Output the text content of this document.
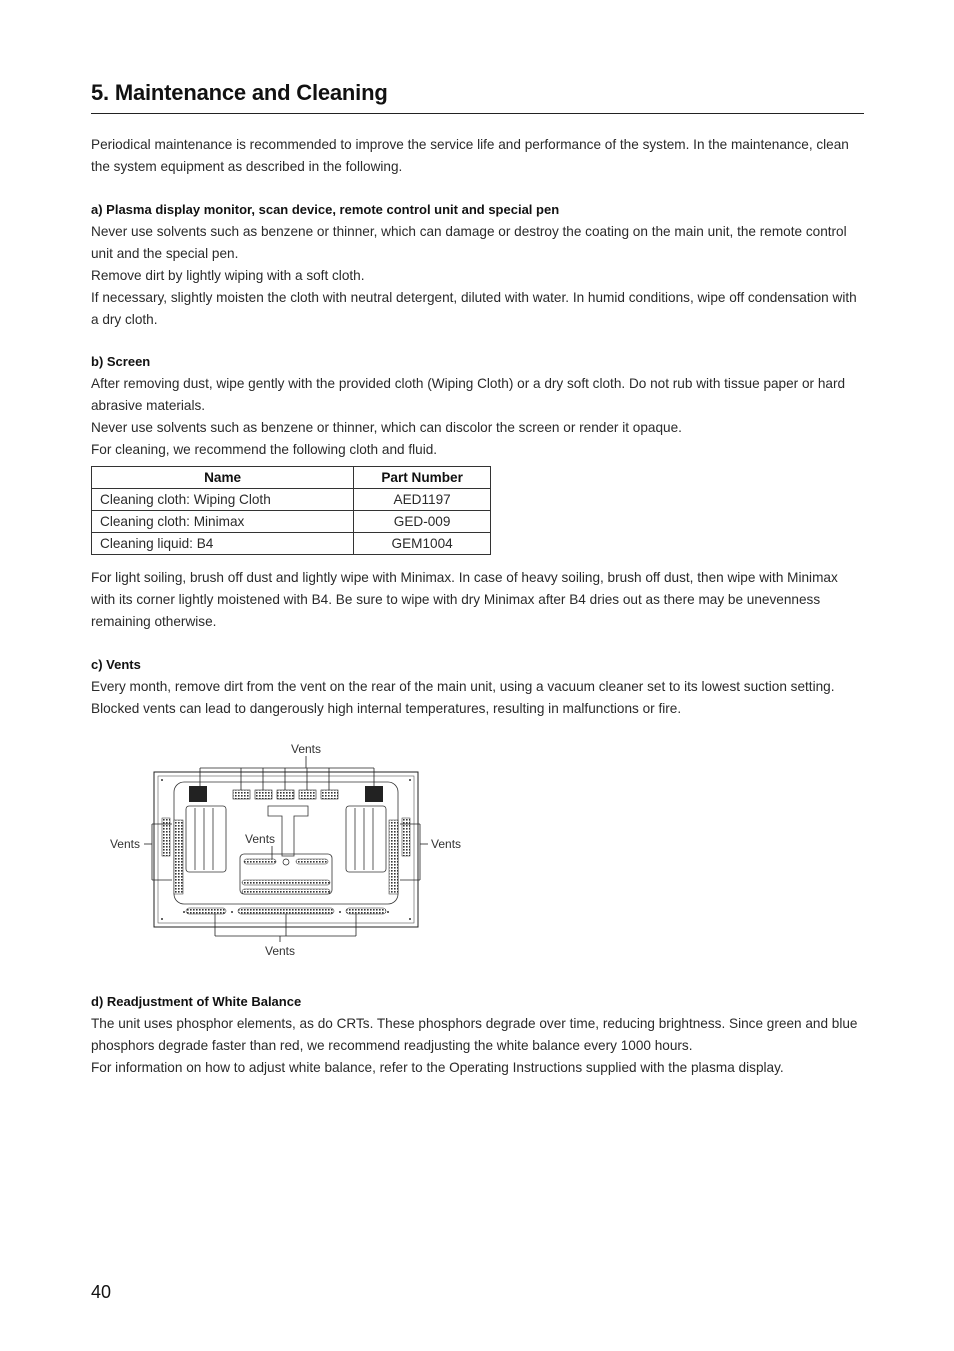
5. Maintenance and Cleaning

Periodical maintenance is recommended to improve the service life and performance of the system. In the maintenance, clean the system equipment as described in the following.

a) Plasma display monitor, scan device, remote control unit and special pen

Never use solvents such as benzene or thinner, which can damage or destroy the coating on the main unit, the remote control unit and the special pen.

Remove dirt by lightly wiping with a soft cloth.

If necessary, slightly moisten the cloth with neutral detergent, diluted with water. In humid conditions, wipe off condensation with a dry cloth.

b) Screen

After removing dust, wipe gently with the provided cloth (Wiping Cloth) or a dry soft cloth. Do not rub with tissue paper or hard abrasive materials.

Never use solvents such as benzene or thinner, which can discolor the screen or render it opaque.

For cleaning, we recommend the following cloth and fluid.

Name	Part Number
Cleaning cloth: Wiping Cloth	AED1197
Cleaning cloth: Minimax	GED-009
Cleaning liquid: B4	GEM1004

For light soiling, brush off dust and lightly wipe with Minimax. In case of heavy soiling, brush off dust, then wipe with Minimax with its corner lightly moistened with B4. Be sure to wipe with dry Minimax after B4 dries out as there may be unevenness remaining otherwise.

c) Vents

Every month, remove dirt from the vent on the rear of the main unit, using a vacuum cleaner set to its lowest suction setting. Blocked vents can lead to dangerously high internal temperatures, resulting in malfunctions or fire.

Vents
Vents	Vents	Vents
Vents

d) Readjustment of White Balance

The unit uses phosphor elements, as do CRTs. These phosphors degrade over time, reducing brightness. Since green and blue phosphors degrade faster than red, we recommend readjusting the white balance every 1000 hours.

For information on how to adjust white balance, refer to the Operating Instructions supplied with the plasma display.

40
